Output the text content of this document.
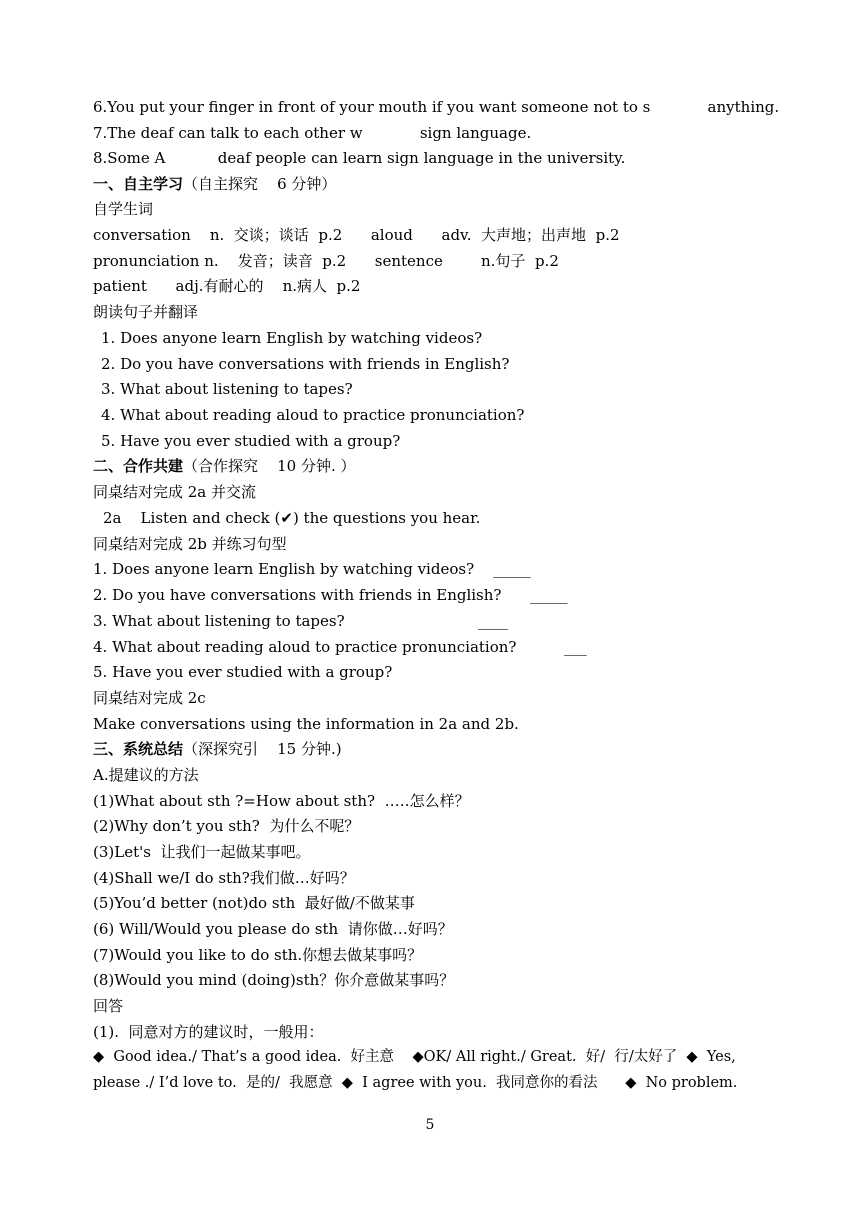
6.You put your finger in front of your mouth if you want someone not to s            anything.
7.The deaf can talk to each other w            sign language.
8.Some A           deaf people can learn sign language in the university.
一、自主学习（自主探究    6 分钟）
自学生词
conversation    n.  交谈；谈话  p.2      aloud      adv.  大声地；出声地  p.2
pronunciation n.    发音；读音  p.2      sentence        n.句子  p.2
patient      adj.有耐心的    n.病人  p.2
朗读句子并翻译
1. Does anyone learn English by watching videos?
2. Do you have conversations with friends in English?
3. What about listening to tapes?
4. What about reading aloud to practice pronunciation?
5. Have you ever studied with a group?
二、合作共建（合作探究    10 分钟. ）
同桌结对完成 2a 并交流
2a    Listen and check (✔) the questions you hear.
同桌结对完成 2b 并练习句型
1. Does anyone learn English by watching videos?    _____
2. Do you have conversations with friends in English?      _____
3. What about listening to tapes?                            ____
4. What about reading aloud to practice pronunciation?          ___
5. Have you ever studied with a group?
同桌结对完成 2c
Make conversations using the information in 2a and 2b.
三、系统总结（深探究引    15 分钟.)
A.提建议的方法
(1)What about sth ?=How about sth?  …‥怎么样？
(2)Why don’t you sth?  为什么不呢？
(3)Let's  让我们一起做某事吧。
(4)Shall we/I do sth?我们做…好吗？
(5)You’d better (not)do sth  最好做/不做某事
(6) Will/Would you please do sth  请你做…好吗？
(7)Would you like to do sth.你想去做某事吗？
(8)Would you mind (doing)sth？你介意做某事吗？
回答
(1).  同意对方的建议时，一般用：
◆  Good idea./ That’s a good idea.  好主意    ◆OK/ All right./ Great.  好/  行/太好了  ◆  Yes,
please ./ I’d love to.  是的/  我愿意  ◆  I agree with you.  我同意你的看法      ◆  No problem.
5
